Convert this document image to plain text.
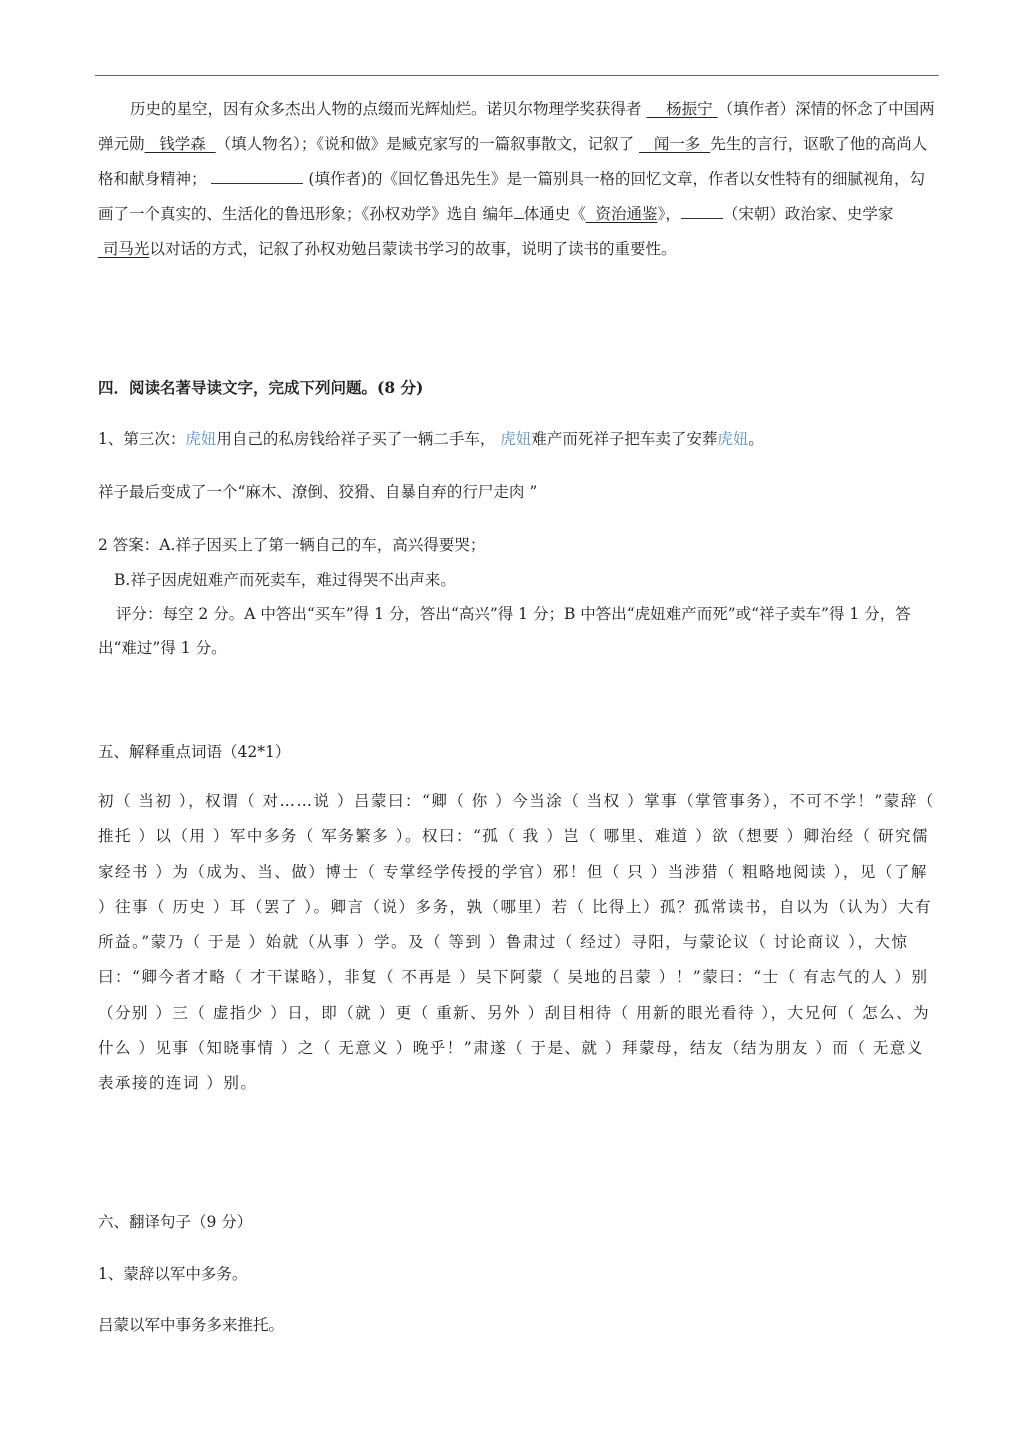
历史的星空，因有众多杰出人物的点缀而光辉灿烂。诺贝尔物理学奖获得者     杨振宁 （填作者）深情的怀念了中国两弹元勋   钱学森  （填人物名）；《说和做》是臧克家写的一篇叙事散文，记叙了    闻一多  先生的言行，讴歌了他的高尚人格和献身精神；	(填作者)的《回忆鲁迅先生》是一篇别具一格的回忆文章，作者以女性特有的细腻视角，勾画了一个真实的、生活化的鲁迅形象；《孙权劝学》选自 编年 体通史《  资治通鉴》，	（宋朝）政治家、史学家 司马光以对话的方式，记叙了孙权劝勉吕蒙读书学习的故事，说明了读书的重要性。
四．阅读名著导读文字，完成下列问题。(8 分)
1、第三次：虎妞用自己的私房钱给祥子买了一辆二手车， 虎妞难产而死祥子把车卖了安葬虎妞。
祥子最后变成了一个“麻木、潦倒、狡猾、自暴自弃的行尸走肉 ”
2 答案：A.祥子因买上了第一辆自己的车，高兴得要哭；
B.祥子因虎妞难产而死卖车，难过得哭不出声来。
评分：每空 2 分。A 中答出“买车”得 1 分，答出“高兴”得 1 分；B 中答出“虎妞难产而死”或“祥子卖车”得 1 分，答出“难过”得 1 分。
五、解释重点词语（42*1）
初（ 当初 ），权谓（ 对……说 ）吕蒙曰：“卿（ 你 ）今当涂（ 当权 ）掌事（掌管事务），不可不学！”蒙辞（ 推托 ）以（用 ）军中多务（ 军务繁多 ）。权曰：“孤（ 我 ）岂（ 哪里、难道 ）欲（想要 ）卿治经（ 研究儒家经书 ）为（成为、当、做）博士（ 专掌经学传授的学官）邪！但（ 只 ）当涉猎（ 粗略地阅读 ），见（了解 ）往事（ 历史 ）耳（罢了 ）。卿言（说）多务，孰（哪里）若（ 比得上）孤？孤常读书，自以为（认为）大有所益。”蒙乃（ 于是 ）始就（从事 ）学。及（ 等到 ）鲁肃过（ 经过）寻阳，与蒙论议（ 讨论商议 ），大惊曰：“卿今者才略（ 才干谋略），非复（ 不再是 ）吴下阿蒙（ 吴地的吕蒙 ）！”蒙曰：“士（ 有志气的人 ）别（分别 ）三（ 虚指少 ）日，即（就 ）更（ 重新、另外 ）刮目相待（ 用新的眼光看待 ），大兄何（ 怎么、为什么 ）见事（知晓事情 ）之（ 无意义 ）晚乎！”肃遂（ 于是、就 ）拜蒙母，结友（结为朋友 ）而（ 无意义表承接的连词 ）别。
六、翻译句子（9 分）
1、蒙辞以军中多务。
吕蒙以军中事务多来推托。
